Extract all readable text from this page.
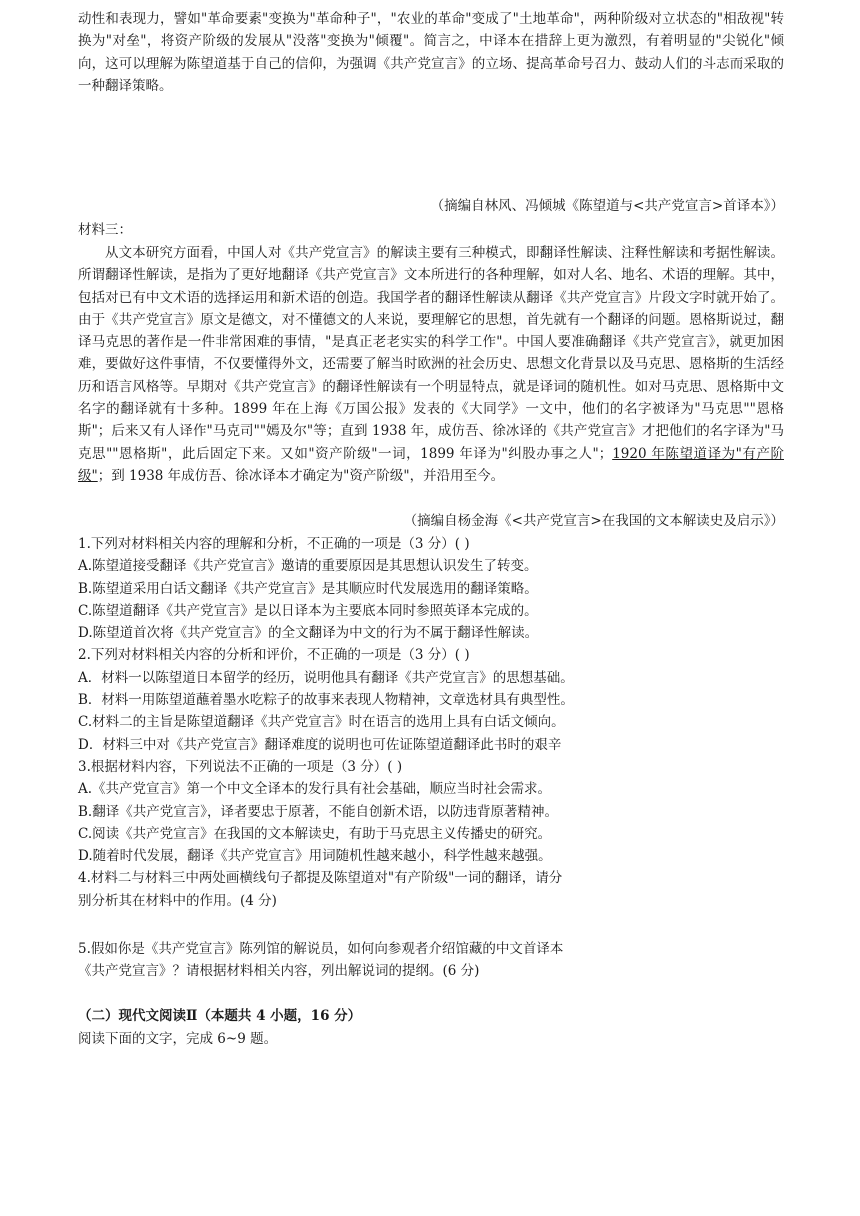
动性和表现力，譬如"革命要素"变换为"革命种子"，"农业的革命"变成了"土地革命"，两种阶级对立状态的"相敌视"转换为"对垒"，将资产阶级的发展从"没落"变换为"倾覆"。简言之，中译本在措辞上更为激烈，有着明显的"尖锐化"倾向，这可以理解为陈望道基于自己的信仰，为强调《共产党宣言》的立场、提高革命号召力、鼓动人们的斗志而采取的一种翻译策略。

（摘编自林风、冯倾城《陈望道与<共产党宣言>首译本》）

材料三：

从文本研究方面看，中国人对《共产党宣言》的解读主要有三种模式，即翻译性解读、注释性解读和考据性解读。所谓翻译性解读，是指为了更好地翻译《共产党宣言》文本所进行的各种理解，如对人名、地名、术语的理解。其中，包括对已有中文术语的选择运用和新术语的创造。我国学者的翻译性解读从翻译《共产党宣言》片段文字时就开始了。由于《共产党宣言》原文是德文，对不懂德文的人来说，要理解它的思想，首先就有一个翻译的问题。恩格斯说过，翻译马克思的著作是一件非常困难的事情，"是真正老老实实的科学工作"。中国人要准确翻译《共产党宣言》，就更加困难，要做好这件事情，不仅要懂得外文，还需要了解当时欧洲的社会历史、思想文化背景以及马克思、恩格斯的生活经历和语言风格等。早期对《共产党宣言》的翻译性解读有一个明显特点，就是译词的随机性。如对马克思、恩格斯中文名字的翻译就有十多种。1899 年在上海《万国公报》发表的《大同学》一文中，他们的名字被译为"马克思""恩格斯"；后来又有人译作"马克司""嫣及尔"等；直到 1938 年，成仿吾、徐冰译的《共产党宣言》才把他们的名字译为"马克思""恩格斯"，此后固定下来。又如"资产阶级"一词，1899 年译为"纠股办事之人"；1920 年陈望道译为"有产阶级"；到 1938 年成仿吾、徐冰译本才确定为"资产阶级"，并沿用至今。

（摘编自杨金海《<共产党宣言>在我国的文本解读史及启示》）

1.下列对材料相关内容的理解和分析，不正确的一项是（3 分）( )

A.陈望道接受翻译《共产党宣言》邀请的重要原因是其思想认识发生了转变。

B.陈望道采用白话文翻译《共产党宣言》是其顺应时代发展选用的翻译策略。

C.陈望道翻译《共产党宣言》是以日译本为主要底本同时参照英译本完成的。

D.陈望道首次将《共产党宣言》的全文翻译为中文的行为不属于翻译性解读。

2.下列对材料相关内容的分析和评价，不正确的一项是（3 分）( )

A．材料一以陈望道日本留学的经历，说明他具有翻译《共产党宣言》的思想基础。

B．材料一用陈望道蘸着墨水吃粽子的故事来表现人物精神，文章选材具有典型性。

C.材料二的主旨是陈望道翻译《共产党宣言》时在语言的选用上具有白话文倾向。

D．材料三中对《共产党宣言》翻译难度的说明也可佐证陈望道翻译此书时的艰辛

3.根据材料内容，下列说法不正确的一项是（3 分）( )

A.《共产党宣言》第一个中文全译本的发行具有社会基础，顺应当时社会需求。

B.翻译《共产党宣言》，译者要忠于原著，不能自创新术语，以防违背原著精神。

C.阅读《共产党宣言》在我国的文本解读史，有助于马克思主义传播史的研究。

D.随着时代发展，翻译《共产党宣言》用词随机性越来越小，科学性越来越强。

4.材料二与材料三中两处画横线句子都提及陈望道对"有产阶级"一词的翻译，请分

别分析其在材料中的作用。(4 分)

5.假如你是《共产党宣言》陈列馆的解说员，如何向参观者介绍馆藏的中文首译本

《共产党宣言》？请根据材料相关内容，列出解说词的提纲。(6 分)

（二）现代文阅读Ⅱ（本题共 4 小题，16 分）

阅读下面的文字，完成 6~9 题。
